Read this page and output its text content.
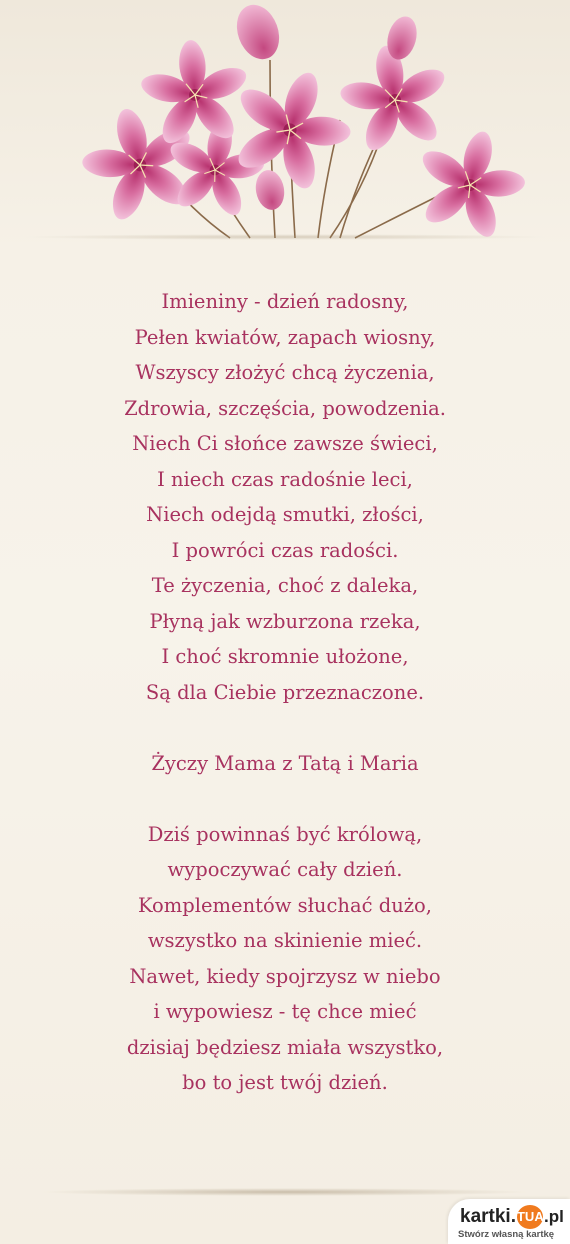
Imieniny - dzień radosny,
Pełen kwiatów, zapach wiosny,
Wszyscy złożyć chcą życzenia,
Zdrowia, szczęścia, powodzenia.
Niech Ci słońce zawsze świeci,
I niech czas radośnie leci,
Niech odejdą smutki, złości,
I powróci czas radości.
Te życzenia, choć z daleka,
Płyną jak wzburzona rzeka,
I choć skromnie ułożone,
Są dla Ciebie przeznaczone.
Życzy Mama z Tatą i Maria
Dziś powinnaś być królową,
wypoczywać cały dzień.
Komplementów słuchać dużo,
wszystko na skinienie mieć.
Nawet, kiedy spojrzysz w niebo
i wypowiesz - tę chce mieć
dzisiaj będziesz miała wszystko,
bo to jest twój dzień.
kartki.TUA.pl
Stwórz własną kartkę
